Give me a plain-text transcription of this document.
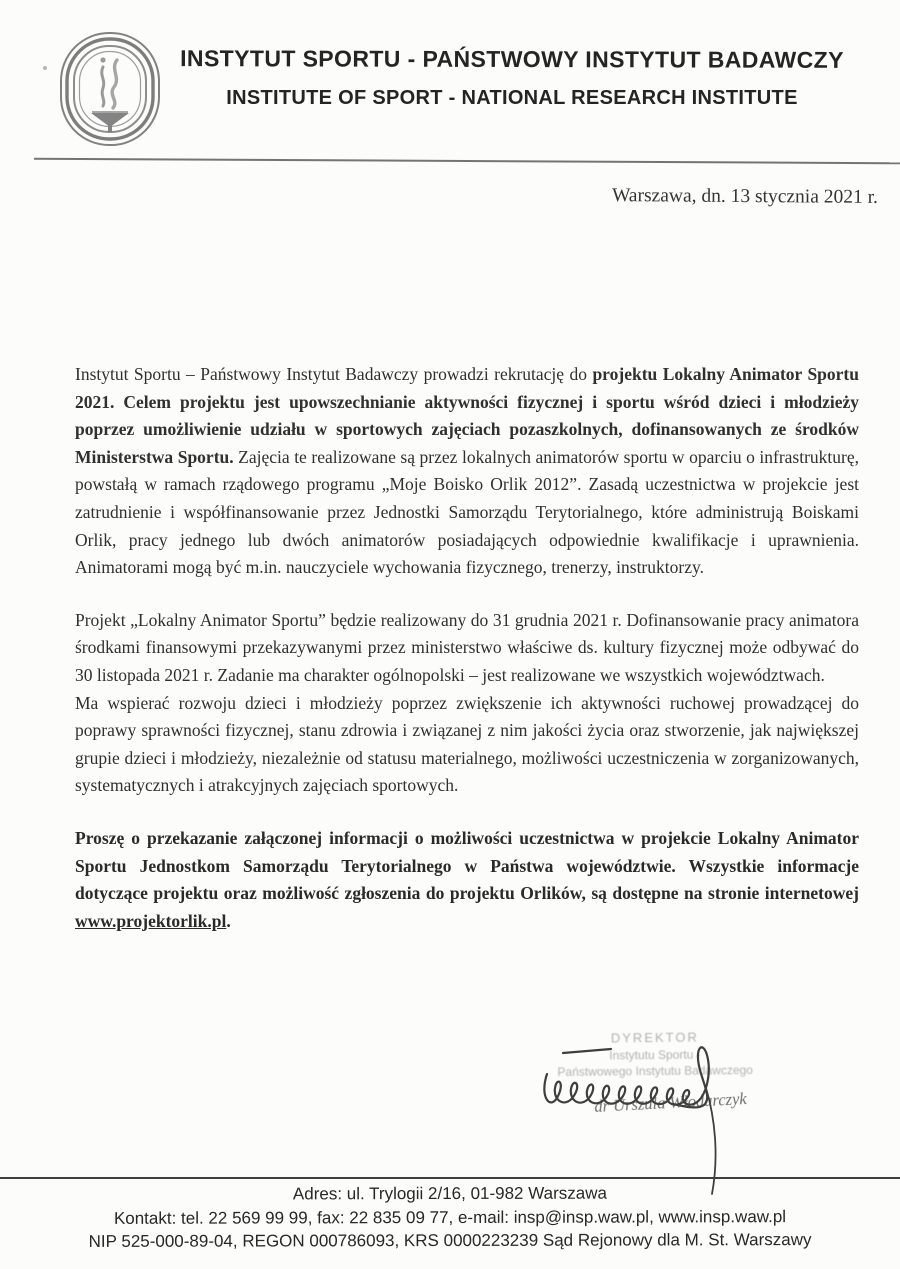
INSTYTUT SPORTU - PAŃSTWOWY INSTYTUT BADAWCZY
INSTITUTE OF SPORT - NATIONAL RESEARCH INSTITUTE
Warszawa, dn. 13 stycznia 2021 r.

Instytut Sportu – Państwowy Instytut Badawczy prowadzi rekrutację do projektu Lokalny Animator Sportu 2021. Celem projektu jest upowszechnianie aktywności fizycznej i sportu wśród dzieci i młodzieży poprzez umożliwienie udziału w sportowych zajęciach pozaszkolnych, dofinansowanych ze środków Ministerstwa Sportu. Zajęcia te realizowane są przez lokalnych animatorów sportu w oparciu o infrastrukturę, powstałą w ramach rządowego programu „Moje Boisko Orlik 2012”. Zasadą uczestnictwa w projekcie jest zatrudnienie i współfinansowanie przez Jednostki Samorządu Terytorialnego, które administrują Boiskami Orlik, pracy jednego lub dwóch animatorów posiadających odpowiednie kwalifikacje i uprawnienia. Animatorami mogą być m.in. nauczyciele wychowania fizycznego, trenerzy, instruktorzy.

Projekt „Lokalny Animator Sportu” będzie realizowany do 31 grudnia 2021 r. Dofinansowanie pracy animatora środkami finansowymi przekazywanymi przez ministerstwo właściwe ds. kultury fizycznej może odbywać do 30 listopada 2021 r. Zadanie ma charakter ogólnopolski – jest realizowane we wszystkich województwach.

Ma wspierać rozwoju dzieci i młodzieży poprzez zwiększenie ich aktywności ruchowej prowadzącej do poprawy sprawności fizycznej, stanu zdrowia i związanej z nim jakości życia oraz stworzenie, jak największej grupie dzieci i młodzieży, niezależnie od statusu materialnego, możliwości uczestniczenia w zorganizowanych, systematycznych i atrakcyjnych zajęciach sportowych.

Proszę o przekazanie załączonej informacji o możliwości uczestnictwa w projekcie Lokalny Animator Sportu Jednostkom Samorządu Terytorialnego w Państwa województwie. Wszystkie informacje dotyczące projektu oraz możliwość zgłoszenia do projektu Orlików, są dostępne na stronie internetowej www.projektorlik.pl.

DYREKTOR
Instytutu Sportu -
Państwowego Instytutu Badawczego
dr Urszula Włodarczyk
Adres: ul. Trylogii 2/16, 01-982 Warszawa
Kontakt: tel. 22 569 99 99, fax: 22 835 09 77, e-mail: insp@insp.waw.pl, www.insp.waw.pl
NIP 525-000-89-04, REGON 000786093, KRS 0000223239 Sąd Rejonowy dla M. St. Warszawy
